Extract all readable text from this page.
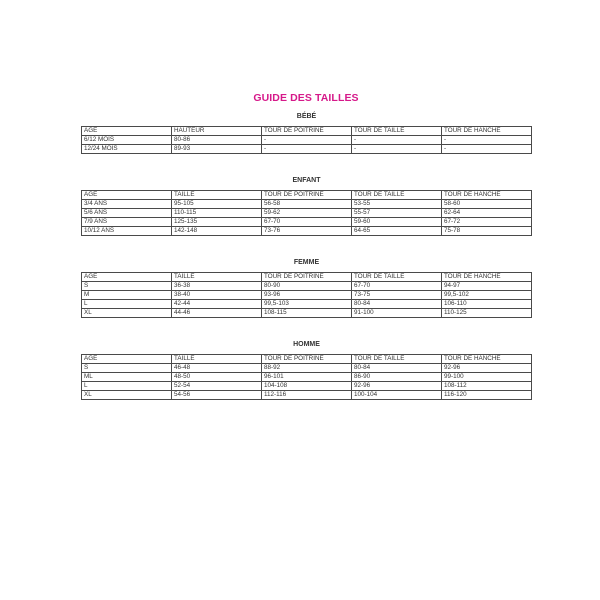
GUIDE DES TAILLES
BÉBÉ
AGE	HAUTEUR	TOUR DE POITRINE	TOUR DE TAILLE	TOUR DE HANCHE
6/12 MOIS	80-86	-	-	-
12/24 MOIS	89-93	-	-	-
ENFANT
AGE	TAILLE	TOUR DE POITRINE	TOUR DE TAILLE	TOUR DE HANCHE
3/4 ANS	95-105	56-58	53-55	58-60
5/6 ANS	110-115	59-62	55-57	62-64
7/9 ANS	125-135	67-70	59-60	67-72
10/12 ANS	142-148	73-76	64-65	75-78
FEMME
AGE	TAILLE	TOUR DE POITRINE	TOUR DE TAILLE	TOUR DE HANCHE
S	36-38	80-90	67-70	94-97
M	38-40	93-96	73-75	99,5-102
L	42-44	99,5-103	80-84	106-110
XL	44-46	108-115	91-100	110-125
HOMME
AGE	TAILLE	TOUR DE POITRINE	TOUR DE TAILLE	TOUR DE HANCHE
S	46-48	88-92	80-84	92-96
ML	48-50	96-101	86-90	99-100
L	52-54	104-108	92-96	108-112
XL	54-56	112-116	100-104	116-120
